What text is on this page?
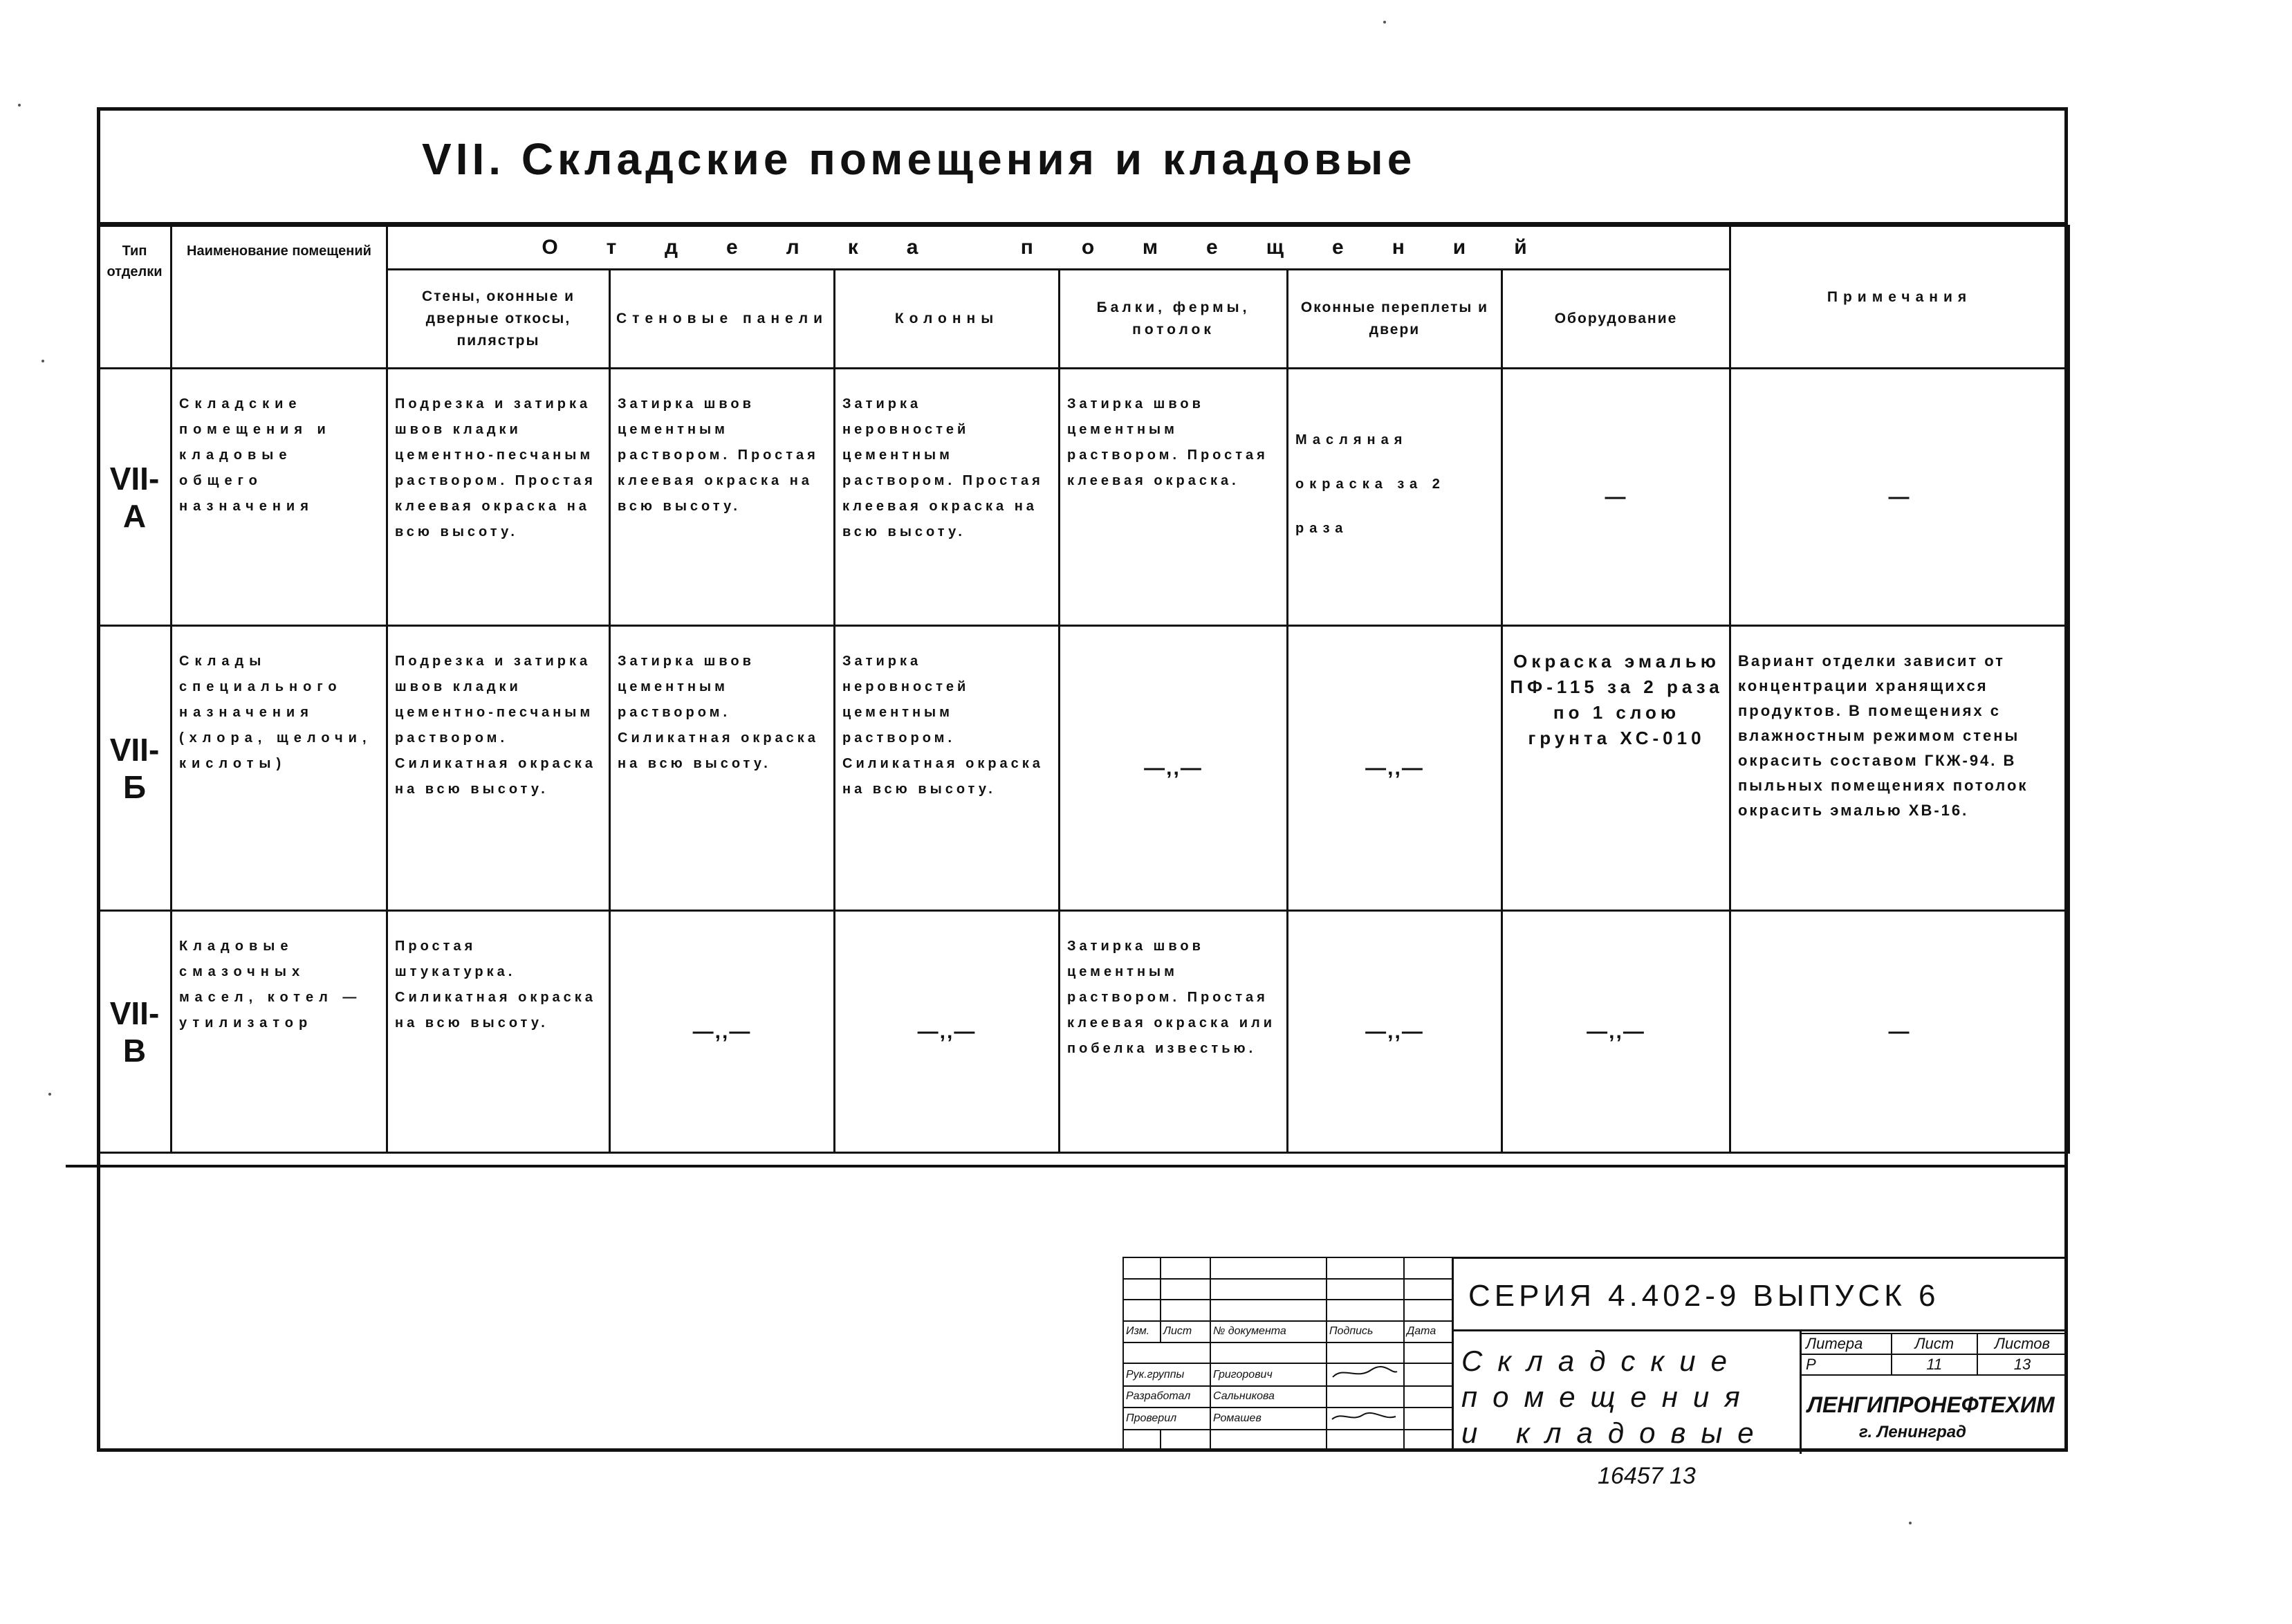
VII. Складские помещения и кладовые
Тип отделки	Наименование помещений	Отделка помещений						Примечания
		Стены, оконные и дверные откосы, пилястры	Стеновые панели	Колонны	Балки, фермы, потолок	Оконные переплеты и двери	Оборудование	
VII-А	Складские помещения и кладовые общего назначения	Подрезка и затирка швов кладки цементно-песчаным раствором. Простая клеевая окраска на всю высоту.	Затирка швов цементным раствором. Простая клеевая окраска на всю высоту.	Затирка неровностей цементным раствором. Простая клеевая окраска на всю высоту.	Затирка швов цементным раствором. Простая клеевая окраска.	Масляная окраска за 2 раза	—	—
VII-Б	Склады специального назначения (хлора, щелочи, кислоты)	Подрезка и затирка швов кладки цементно-песчаным раствором. Силикатная окраска на всю высоту.	Затирка швов цементным раствором. Силикатная окраска на всю высоту.	Затирка неровностей цементным раствором. Силикатная окраска на всю высоту.	—,,—	—,,—	Окраска эмалью ПФ-115 за 2 раза по 1 слою грунта ХС-010	Вариант отделки зависит от концентрации хранящихся продуктов. В помещениях с влажностным режимом стены окрасить составом ГКЖ-94. В пыльных помещениях потолок окрасить эмалью ХВ-16.
VII-В	Кладовые смазочных масел, котел — утилизатор	Простая штукатурка. Силикатная окраска на всю высоту.	—,,—	—,,—	Затирка швов цементным раствором. Простая клеевая окраска или побелка известью.	—,,—	—,,—	—

Изм.	Лист	№ документа	Подпись	Дата

Рук.группы		Григорович		
Разработал		Сальникова		
Проверил		Ромашев		

СЕРИЯ 4.402-9 ВЫПУСК 6
Складские
помещения
и кладовые
Литера	Лист	Листов
Р	11	13
ЛЕНГИПРОНЕФТЕХИМ
г. Ленинград
16457 13
